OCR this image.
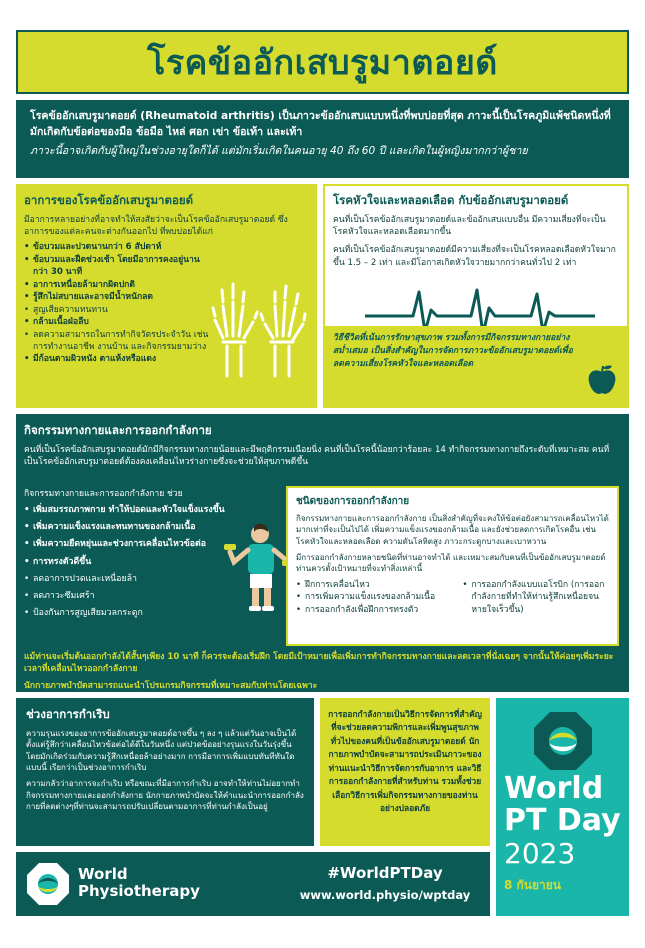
โรคข้ออักเสบรูมาตอยด์

โรคข้ออักเสบรูมาตอยด์ (Rheumatoid arthritis) เป็นภาวะข้ออักเสบแบบหนึ่งที่พบบ่อยที่สุด ภาวะนี้เป็นโรคภูมิแพ้ชนิดหนึ่งที่มักเกิดกับข้อต่อของมือ ข้อมือ ไหล่ ศอก เข่า ข้อเท้า และเท้า

ภาวะนี้อาจเกิดกับผู้ใหญ่ในช่วงอายุใดก็ได้ แต่มักเริ่มเกิดในคนอายุ 40 ถึง 60 ปี และเกิดในผู้หญิงมากกว่าผู้ชาย

อาการของโรคข้ออักเสบรูมาตอยด์
มีอาการหลายอย่างที่อาจทำให้สงสัยว่าจะเป็นโรคข้ออักเสบรูมาตอยด์ ซึ่งอาการของแต่ละคนจะต่างกันออกไป ที่พบบ่อยได้แก่
• ข้อบวมและปวดนานกว่า 6 สัปดาห์
• ข้อบวมและฝืดช่วงเช้า โดยมีอาการคงอยู่นานกว่า 30 นาที
• อาการเหนื่อยล้ามากผิดปกติ
• รู้สึกไม่สบายและอาจมีน้ำหนักลด
• สูญเสียความทนทาน
• กล้ามเนื้อฝ่อลีบ
• ลดความสามารถในการทำกิจวัตรประจำวัน เช่น การทำงานอาชีพ งานบ้าน และกิจกรรมยามว่าง
• มีก้อนตามผิวหนัง ตาแห้งหรือแดง
โรคหัวใจและหลอดเลือด กับข้ออักเสบรูมาตอยด์
คนที่เป็นโรคข้ออักเสบรูมาตอยด์และข้ออักเสบแบบอื่น มีความเสี่ยงที่จะเป็นโรคหัวใจและหลอดเลือดมากขึ้น
คนที่เป็นโรคข้ออักเสบรูมาตอยด์มีความเสี่ยงที่จะเป็นโรคหลอดเลือดหัวใจมากขึ้น 1.5 – 2 เท่า และมีโอกาสเกิดหัวใจวายมากกว่าคนทั่วไป 2 เท่า
วิธีชีวิตที่เน้นการรักษาสุขภาพ รวมทั้งการมีกิจกรรมทางกายอย่างสม่ำเสมอ เป็นสิ่งสำคัญในการจัดการภาวะข้ออักเสบรูมาตอยด์เพื่อลดความเสี่ยงโรคหัวใจและหลอดเลือด
กิจกรรมทางกายและการออกกำลังกาย
คนที่เป็นโรคข้ออักเสบรูมาตอยด์มักมีกิจกรรมทางกายน้อยและมีพฤติกรรมเนือยนิ่ง คนที่เป็นโรคนี้น้อยกว่าร้อยละ 14 ทำกิจกรรมทางกายถึงระดับที่เหมาะสม คนที่เป็นโรคข้ออักเสบรูมาตอยด์ต้องคงเคลื่อนไหวร่างกายซึ่งจะช่วยให้สุขภาพดีขึ้น
กิจกรรมทางกายและการออกกำลังกาย ช่วย
• เพิ่มสมรรถภาพกาย ทำให้ปอดและหัวใจแข็งแรงขึ้น
• เพิ่มความแข็งแรงและทนทานของกล้ามเนื้อ
• เพิ่มความยืดหยุ่นและช่วงการเคลื่อนไหวข้อต่อ
• การทรงตัวดีขึ้น
• ลดอาการปวดและเหนื่อยล้า
• ลดภาวะซึมเศร้า
• ป้องกันการสูญเสียมวลกระดูก
ชนิดของการออกกำลังกาย
กิจกรรมทางกายและการออกกำลังกาย เป็นสิ่งสำคัญที่จะคงให้ข้อต่อยังสามารถเคลื่อนไหวได้มากเท่าที่จะเป็นไปได้ เพิ่มความแข็งแรงของกล้ามเนื้อ และยังช่วยลดการเกิดโรคอื่น เช่น โรคหัวใจและหลอดเลือด ความดันโลหิตสูง ภาวะกระดูกบางและเบาหวาน
มีการออกกำลังกายหลายชนิดที่ท่านอาจทำได้ และเหมาะสมกับคนที่เป็นข้ออักเสบรูมาตอยด์ ท่านควรตั้งเป้าหมายที่จะทำสิ่งเหล่านี้
• ฝึกการเคลื่อนไหว
• การเพิ่มความแข็งแรงของกล้ามเนื้อ
• การออกกำลังเพื่อฝึกการทรงตัว
• การออกกำลังแบบแอโรบิก (การออกกำลังกายที่ทำให้ท่านรู้สึกเหนื่อยจนหายใจเร็วขึ้น)
แม้ท่านจะเริ่มต้นออกกำลังได้สั้นๆเพียง 10 นาที ก็ควรจะต้องเริ่มฝึก โดยมีเป้าหมายเพื่อเพิ่มการทำกิจกรรมทางกายและลดเวลาที่นั่งเฉยๆ จากนั้นให้ค่อยๆเพิ่มระยะเวลาที่เคลื่อนไหวออกกำลังกาย
นักกายภาพบำบัดสามารถแนะนำโปรแกรมกิจกรรมที่เหมาะสมกับท่านโดยเฉพาะ
ช่วงอาการกำเริบ
ความรุนแรงของอาการข้ออักเสบรูมาตอยด์อาจขึ้น ๆ ลง ๆ แล้วแต่วันอาจเป็นได้ตั้งแต่รู้สึกว่าเคลื่อนไหวข้อต่อได้ดีในวันหนึ่ง แต่ปวดข้ออย่างรุนแรงในวันรุ่งขึ้น โดยมักเกิดร่วมกับความรู้สึกเหนื่อยล้าอย่างมาก การมีอาการเพิ่มแบบทันทีทันใดแบบนี้ เรียกว่าเป็นช่วงอาการกำเริบ
ความกลัวว่าอาการจะกำเริบ หรือขณะที่มีอาการกำเริบ อาจทำให้ท่านไม่อยากทำกิจกรรมทางกายและออกกำลังกาย นักกายภาพบำบัดจะให้คำแนะนำการออกกำลังกายที่ลดต่างๆที่ท่านจะสามารถปรับเปลี่ยนตามอาการที่ท่านกำลังเป็นอยู่
การออกกำลังกายเป็นวิธีการจัดการที่สำคัญ ที่จะช่วยลดความพิการและเพิ่มพูนสุขภาพทั่วไปของคนที่เป็นข้ออักเสบรูมาตอยด์ นักกายภาพบำบัดจะสามารถประเมินภาวะของท่านแนะนำวิธีการจัดการกับอาการ และวิธีการออกกำลังกายที่สำหรับท่าน รวมทั้งช่วยเลือกวิธีการเพิ่มกิจกรรมทางกายของท่านอย่างปลอดภัย
World
PT Day
2023
8 กันยายน
World
Physiotherapy
#WorldPTDay
www.world.physio/wptday
